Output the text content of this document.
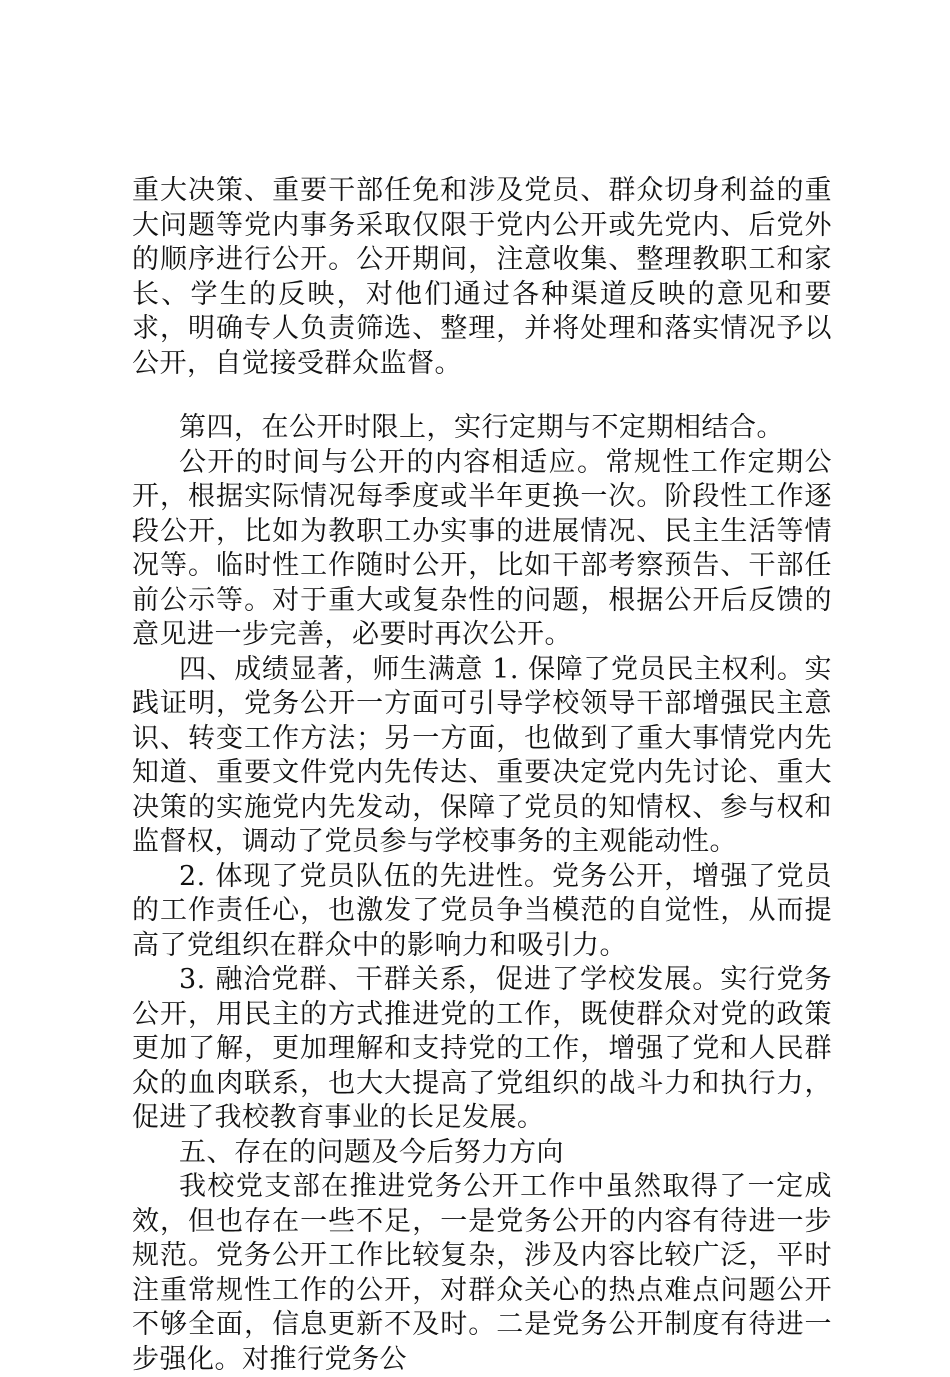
重大决策、重要干部任免和涉及党员、群众切身利益的重大问题等党内事务采取仅限于党内公开或先党内、后党外的顺序进行公开。公开期间，注意收集、整理教职工和家长、学生的反映，对他们通过各种渠道反映的意见和要求，明确专人负责筛选、整理，并将处理和落实情况予以公开，自觉接受群众监督。

第四，在公开时限上，实行定期与不定期相结合。

公开的时间与公开的内容相适应。常规性工作定期公开，根据实际情况每季度或半年更换一次。阶段性工作逐段公开，比如为教职工办实事的进展情况、民主生活等情况等。临时性工作随时公开，比如干部考察预告、干部任前公示等。对于重大或复杂性的问题，根据公开后反馈的意见进一步完善，必要时再次公开。

四、成绩显著，师生满意 1. 保障了党员民主权利。实践证明，党务公开一方面可引导学校领导干部增强民主意识、转变工作方法；另一方面，也做到了重大事情党内先知道、重要文件党内先传达、重要决定党内先讨论、重大决策的实施党内先发动，保障了党员的知情权、参与权和监督权，调动了党员参与学校事务的主观能动性。

2. 体现了党员队伍的先进性。党务公开，增强了党员的工作责任心，也激发了党员争当模范的自觉性，从而提高了党组织在群众中的影响力和吸引力。

3. 融洽党群、干群关系，促进了学校发展。实行党务公开，用民主的方式推进党的工作，既使群众对党的政策更加了解，更加理解和支持党的工作，增强了党和人民群众的血肉联系，也大大提高了党组织的战斗力和执行力，促进了我校教育事业的长足发展。

五、存在的问题及今后努力方向

我校党支部在推进党务公开工作中虽然取得了一定成效，但也存在一些不足，一是党务公开的内容有待进一步规范。党务公开工作比较复杂，涉及内容比较广泛，平时注重常规性工作的公开，对群众关心的热点难点问题公开不够全面，信息更新不及时。二是党务公开制度有待进一步强化。对推行党务公
